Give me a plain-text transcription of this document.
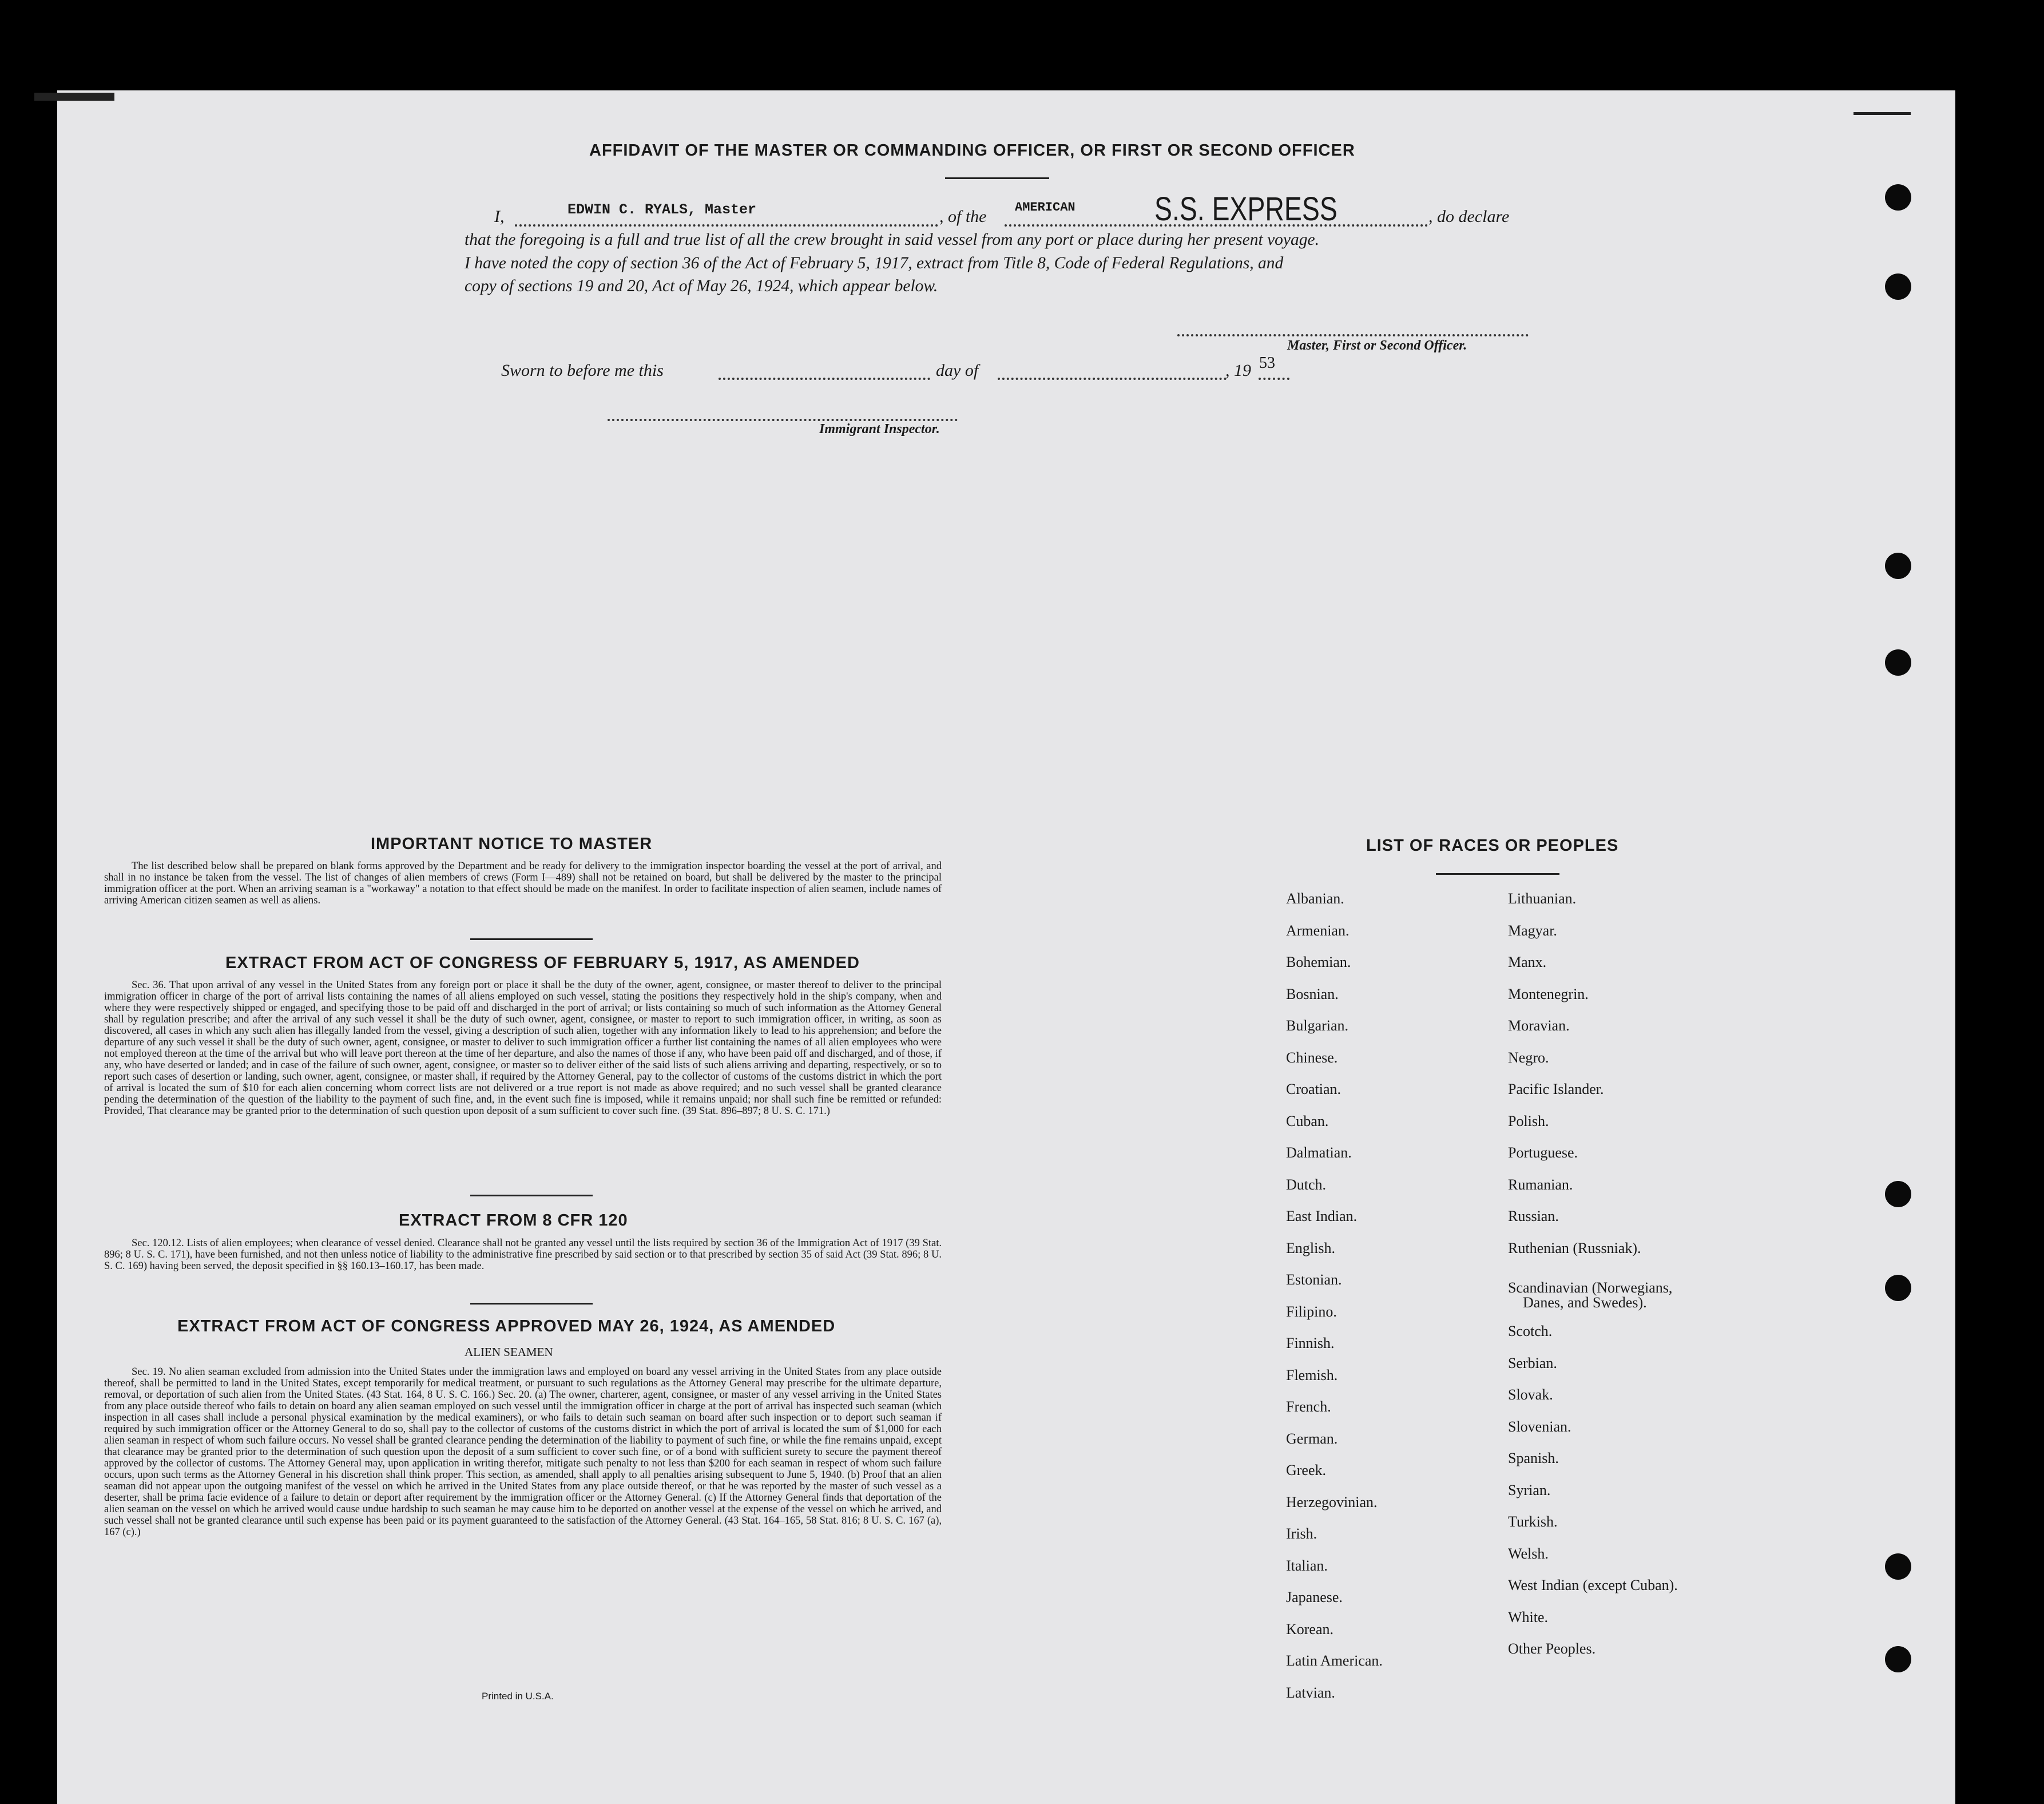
AFFIDAVIT OF THE MASTER OR COMMANDING OFFICER, OR FIRST OR SECOND OFFICER
I,	EDWIN C. RYALS, Master	, of the AMERICAN S.S. EXPRESS	, do declare
that the foregoing is a full and true list of all the crew brought in said vessel from any port or place during her present voyage.
I have noted the copy of section 36 of the Act of February 5, 1917, extract from Title 8, Code of Federal Regulations, and
copy of sections 19 and 20, Act of May 26, 1924, which appear below.
Master, First or Second Officer.
Sworn to before me this	day of	, 19 53
Immigrant Inspector.
IMPORTANT NOTICE TO MASTER
The list described below shall be prepared on blank forms approved by the Department and be ready for delivery to the immigration inspector boarding the vessel at the port of arrival, and shall in no instance be taken from the vessel. The list of changes of alien members of crews (Form I—489) shall not be retained on board, but shall be delivered by the master to the principal immigration officer at the port. When an arriving seaman is a "workaway" a notation to that effect should be made on the manifest. In order to facilitate inspection of alien seamen, include names of arriving American citizen seamen as well as aliens.
EXTRACT FROM ACT OF CONGRESS OF FEBRUARY 5, 1917, AS AMENDED
Sec. 36. That upon arrival of any vessel in the United States from any foreign port or place it shall be the duty of the owner, agent, consignee, or master thereof to deliver to the principal immigration officer in charge of the port of arrival lists containing the names of all aliens employed on such vessel, stating the positions they respectively hold in the ship's company, when and where they were respectively shipped or engaged, and specifying those to be paid off and discharged in the port of arrival; or lists containing so much of such information as the Attorney General shall by regulation prescribe; and after the arrival of any such vessel it shall be the duty of such owner, agent, consignee, or master to report to such immigration officer, in writing, as soon as discovered, all cases in which any such alien has illegally landed from the vessel, giving a description of such alien, together with any information likely to lead to his apprehension; and before the departure of any such vessel it shall be the duty of such owner, agent, consignee, or master to deliver to such immigration officer a further list containing the names of all alien employees who were not employed thereon at the time of the arrival but who will leave port thereon at the time of her departure, and also the names of those if any, who have been paid off and discharged, and of those, if any, who have deserted or landed; and in case of the failure of such owner, agent, consignee, or master so to deliver either of the said lists of such aliens arriving and departing, respectively, or so to report such cases of desertion or landing, such owner, agent, consignee, or master shall, if required by the Attorney General, pay to the collector of customs of the customs district in which the port of arrival is located the sum of $10 for each alien concerning whom correct lists are not delivered or a true report is not made as above required; and no such vessel shall be granted clearance pending the determination of the question of the liability to the payment of such fine, and, in the event such fine is imposed, while it remains unpaid; nor shall such fine be remitted or refunded: Provided, That clearance may be granted prior to the determination of such question upon deposit of a sum sufficient to cover such fine. (39 Stat. 896–897; 8 U. S. C. 171.)
EXTRACT FROM 8 CFR 120
Sec. 120.12. Lists of alien employees; when clearance of vessel denied. Clearance shall not be granted any vessel until the lists required by section 36 of the Immigration Act of 1917 (39 Stat. 896; 8 U. S. C. 171), have been furnished, and not then unless notice of liability to the administrative fine prescribed by said section or to that prescribed by section 35 of said Act (39 Stat. 896; 8 U. S. C. 169) having been served, the deposit specified in §§ 160.13–160.17, has been made.
EXTRACT FROM ACT OF CONGRESS APPROVED MAY 26, 1924, AS AMENDED
ALIEN SEAMEN
Sec. 19. No alien seaman excluded from admission into the United States under the immigration laws and employed on board any vessel arriving in the United States from any place outside thereof, shall be permitted to land in the United States, except temporarily for medical treatment, or pursuant to such regulations as the Attorney General may prescribe for the ultimate departure, removal, or deportation of such alien from the United States. (43 Stat. 164, 8 U. S. C. 166.) Sec. 20. (a) The owner, charterer, agent, consignee, or master of any vessel arriving in the United States from any place outside thereof who fails to detain on board any alien seaman employed on such vessel until the immigration officer in charge at the port of arrival has inspected such seaman (which inspection in all cases shall include a personal physical examination by the medical examiners), or who fails to detain such seaman on board after such inspection or to deport such seaman if required by such immigration officer or the Attorney General to do so, shall pay to the collector of customs of the customs district in which the port of arrival is located the sum of $1,000 for each alien seaman in respect of whom such failure occurs. No vessel shall be granted clearance pending the determination of the liability to payment of such fine, or while the fine remains unpaid, except that clearance may be granted prior to the determination of such question upon the deposit of a sum sufficient to cover such fine, or of a bond with sufficient surety to secure the payment thereof approved by the collector of customs. The Attorney General may, upon application in writing therefor, mitigate such penalty to not less than $200 for each seaman in respect of whom such failure occurs, upon such terms as the Attorney General in his discretion shall think proper. This section, as amended, shall apply to all penalties arising subsequent to June 5, 1940. (b) Proof that an alien seaman did not appear upon the outgoing manifest of the vessel on which he arrived in the United States from any place outside thereof, or that he was reported by the master of such vessel as a deserter, shall be prima facie evidence of a failure to detain or deport after requirement by the immigration officer or the Attorney General. (c) If the Attorney General finds that deportation of the alien seaman on the vessel on which he arrived would cause undue hardship to such seaman he may cause him to be deported on another vessel at the expense of the vessel on which he arrived, and such vessel shall not be granted clearance until such expense has been paid or its payment guaranteed to the satisfaction of the Attorney General. (43 Stat. 164–165, 58 Stat. 816; 8 U. S. C. 167 (a), 167 (c).)
Printed in U.S.A.
LIST OF RACES OR PEOPLES
Albanian.
Armenian.
Bohemian.
Bosnian.
Bulgarian.
Chinese.
Croatian.
Cuban.
Dalmatian.
Dutch.
East Indian.
English.
Estonian.
Filipino.
Finnish.
Flemish.
French.
German.
Greek.
Herzegovinian.
Irish.
Italian.
Japanese.
Korean.
Latin American.
Latvian.
Lithuanian.
Magyar.
Manx.
Montenegrin.
Moravian.
Negro.
Pacific Islander.
Polish.
Portuguese.
Rumanian.
Russian.
Ruthenian (Russniak).
Scandinavian (Norwegians,
Danes, and Swedes).
Scotch.
Serbian.
Slovak.
Slovenian.
Spanish.
Syrian.
Turkish.
Welsh.
West Indian (except Cuban).
White.
Other Peoples.
